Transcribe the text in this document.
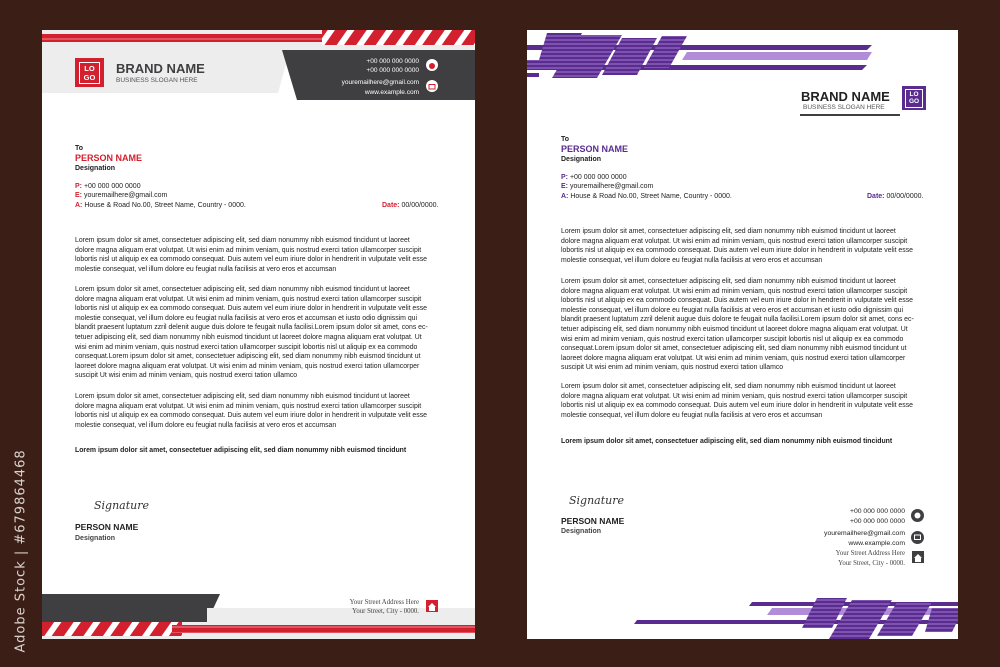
Adobe Stock | #679864468
LO
GO
BRAND NAME
BUSINESS SLOGAN HERE
+00 000 000 0000
+00 000 000 0000
youremailhere@gmail.com
www.example.com
To
PERSON NAME
Designation
P: +00 000 000 0000
E: youremailhere@gmail.com
A: House & Road No.00, Street Name, Country - 0000.	Date: 00/00/0000.
Lorem ipsum dolor sit amet, consectetuer adipiscing elit, sed diam nonummy nibh euismod tincidunt ut laoreet
dolore magna aliquam erat volutpat. Ut wisi enim ad minim veniam, quis nostrud exerci tation ullamcorper suscipit
lobortis nisl ut aliquip ex ea commodo consequat. Duis autem vel eum iriure dolor in hendrerit in vulputate velit esse
molestie consequat, vel illum dolore eu feugiat nulla facilisis at vero eros et accumsan
Lorem ipsum dolor sit amet, consectetuer adipiscing elit, sed diam nonummy nibh euismod tincidunt ut laoreet
dolore magna aliquam erat volutpat. Ut wisi enim ad minim veniam, quis nostrud exerci tation ullamcorper suscipit
lobortis nisl ut aliquip ex ea commodo consequat. Duis autem vel eum iriure dolor in hendrerit in vulputate velit esse
molestie consequat, vel illum dolore eu feugiat nulla facilisis at vero eros et accumsan et iusto odio dignissim qui
blandit praesent luptatum zzril delenit augue duis dolore te feugait nulla facilisi.Lorem ipsum dolor sit amet, cons ec-
tetuer adipiscing elit, sed diam nonummy nibh euismod tincidunt ut laoreet dolore magna aliquam erat volutpat. Ut
wisi enim ad minim veniam, quis nostrud exerci tation ullamcorper suscipit lobortis nisl ut aliquip ex ea commodo
consequat.Lorem ipsum dolor sit amet, consectetuer adipiscing elit, sed diam nonummy nibh euismod tincidunt ut
laoreet dolore magna aliquam erat volutpat. Ut wisi enim ad minim veniam, quis nostrud exerci tation ullamcorper
suscipit Ut wisi enim ad minim veniam, quis nostrud exerci tation ullamco
Lorem ipsum dolor sit amet, consectetuer adipiscing elit, sed diam nonummy nibh euismod tincidunt ut laoreet
dolore magna aliquam erat volutpat. Ut wisi enim ad minim veniam, quis nostrud exerci tation ullamcorper suscipit
lobortis nisl ut aliquip ex ea commodo consequat. Duis autem vel eum iriure dolor in hendrerit in vulputate velit esse
molestie consequat, vel illum dolore eu feugiat nulla facilisis at vero eros et accumsan
Lorem ipsum dolor sit amet, consectetuer adipiscing elit, sed diam nonummy nibh euismod tincidunt
Signature
PERSON NAME
Designation
Your Street Address Here
Your Street, City - 0000.
BRAND NAME
BUSINESS SLOGAN HERE
LO
GO
To
PERSON NAME
Designation
P: +00 000 000 0000
E: youremailhere@gmail.com
A: House & Road No.00, Street Name, Country - 0000.	Date: 00/00/0000.
Lorem ipsum dolor sit amet, consectetuer adipiscing elit, sed diam nonummy nibh euismod tincidunt ut laoreet
dolore magna aliquam erat volutpat. Ut wisi enim ad minim veniam, quis nostrud exerci tation ullamcorper suscipit
lobortis nisl ut aliquip ex ea commodo consequat. Duis autem vel eum iriure dolor in hendrerit in vulputate velit esse
molestie consequat, vel illum dolore eu feugiat nulla facilisis at vero eros et accumsan
Lorem ipsum dolor sit amet, consectetuer adipiscing elit, sed diam nonummy nibh euismod tincidunt ut laoreet
dolore magna aliquam erat volutpat. Ut wisi enim ad minim veniam, quis nostrud exerci tation ullamcorper suscipit
lobortis nisl ut aliquip ex ea commodo consequat. Duis autem vel eum iriure dolor in hendrerit in vulputate velit esse
molestie consequat, vel illum dolore eu feugiat nulla facilisis at vero eros et accumsan et iusto odio dignissim qui
blandit praesent luptatum zzril delenit augue duis dolore te feugait nulla facilisi.Lorem ipsum dolor sit amet, cons ec-
tetuer adipiscing elit, sed diam nonummy nibh euismod tincidunt ut laoreet dolore magna aliquam erat volutpat. Ut
wisi enim ad minim veniam, quis nostrud exerci tation ullamcorper suscipit lobortis nisl ut aliquip ex ea commodo
consequat.Lorem ipsum dolor sit amet, consectetuer adipiscing elit, sed diam nonummy nibh euismod tincidunt ut
laoreet dolore magna aliquam erat volutpat. Ut wisi enim ad minim veniam, quis nostrud exerci tation ullamcorper
suscipit Ut wisi enim ad minim veniam, quis nostrud exerci tation ullamco
Lorem ipsum dolor sit amet, consectetuer adipiscing elit, sed diam nonummy nibh euismod tincidunt ut laoreet
dolore magna aliquam erat volutpat. Ut wisi enim ad minim veniam, quis nostrud exerci tation ullamcorper suscipit
lobortis nisl ut aliquip ex ea commodo consequat. Duis autem vel eum iriure dolor in hendrerit in vulputate velit esse
molestie consequat, vel illum dolore eu feugiat nulla facilisis at vero eros et accumsan
Lorem ipsum dolor sit amet, consectetuer adipiscing elit, sed diam nonummy nibh euismod tincidunt
Signature
PERSON NAME
Designation
+00 000 000 0000
+00 000 000 0000
youremailhere@gmail.com
www.example.com
Your Street Address Here
Your Street, City - 0000.
